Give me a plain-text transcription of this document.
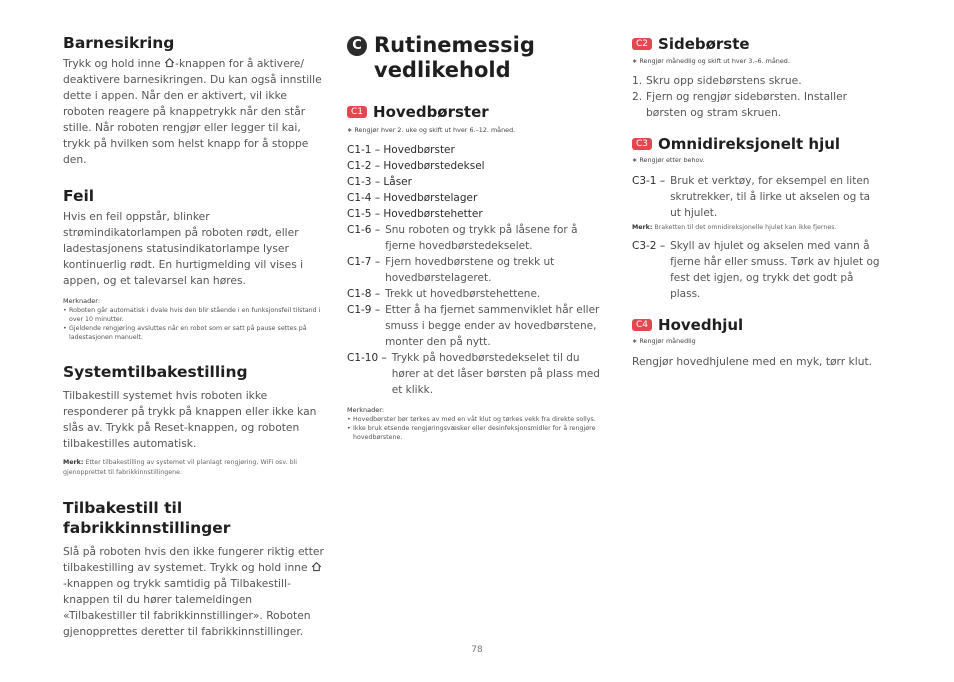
Barnesikring

Trykk og hold inne -knappen for å aktivere/ deaktivere barnesikringen. Du kan også innstille dette i appen. Når den er aktivert, vil ikke roboten reagere på knappetrykk når den står stille. Når roboten rengjør eller legger til kai, trykk på hvilken som helst knapp for å stoppe den.

Feil

Hvis en feil oppstår, blinker strømindikatorlampen på roboten rødt, eller ladestasjonens statusindikatorlampe lyser kontinuerlig rødt. En hurtigmelding vil vises i appen, og et talevarsel kan høres.

Merknader:
• Roboten går automatisk i dvale hvis den blir stående i en funksjonsfeil tilstand i over 10 minutter.
• Gjeldende rengjøring avsluttes når en robot som er satt på pause settes på ladestasjonen manuelt.
Systemtilbakestilling

Tilbakestill systemet hvis roboten ikke responderer på trykk på knappen eller ikke kan slås av. Trykk på Reset-knappen, og roboten tilbakestilles automatisk.

Merk: Etter tilbakestilling av systemet vil planlagt rengjøring, WiFi osv. bli gjenopprettet til fabrikkinnstillingene.

Tilbakestill til fabrikkinnstillinger

Slå på roboten hvis den ikke fungerer riktig etter tilbakestilling av systemet. Trykk og hold inne -knappen og trykk samtidig på Tilbakestill-knappen til du hører talemeldingen «Tilbakestiller til fabrikkinnstillinger». Roboten gjenopprettes deretter til fabrikkinnstillinger.

C Rutinemessig vedlikehold
C1 Hovedbørster
∗ Rengjør hver 2. uke og skift ut hver 6.–12. måned.
C1-1 – Hovedbørster
C1-2 – Hovedbørstedeksel
C1-3 – Låser
C1-4 – Hovedbørstelager
C1-5 – Hovedbørstehetter
C1-6 – Snu roboten og trykk på låsene for å fjerne hovedbørstedekselet.
C1-7 – Fjern hovedbørstene og trekk ut hovedbørstelageret.
C1-8 – Trekk ut hovedbørstehettene.
C1-9 – Etter å ha fjernet sammenviklet hår eller smuss i begge ender av hovedbørstene, monter den på nytt.
C1-10 – Trykk på hovedbørstedekselet til du hører at det låser børsten på plass med et klikk.
Merknader:
• Hovedbørster bør tørkes av med en våt klut og tørkes vekk fra direkte sollys.
• Ikke bruk etsende rengjøringsvæsker eller desinfeksjonsmidler for å rengjøre hovedbørstene.
C2 Sidebørste
∗ Rengjør månedlig og skift ut hver 3.–6. måned.
1. Skru opp sidebørstens skrue.
2. Fjern og rengjør sidebørsten. Installer børsten og stram skruen.
C3 Omnidireksjonelt hjul
∗ Rengjør etter behov.
C3-1 – Bruk et verktøy, for eksempel en liten skrutrekker, til å lirke ut akselen og ta ut hjulet.

Merk: Braketten til det omnidireksjonelle hjulet kan ikke fjernes.

C3-2 – Skyll av hjulet og akselen med vann å fjerne hår eller smuss. Tørk av hjulet og fest det igjen, og trykk det godt på plass.
C4 Hovedhjul
∗ Rengjør månedlig

Rengjør hovedhjulene med en myk, tørr klut.

78
